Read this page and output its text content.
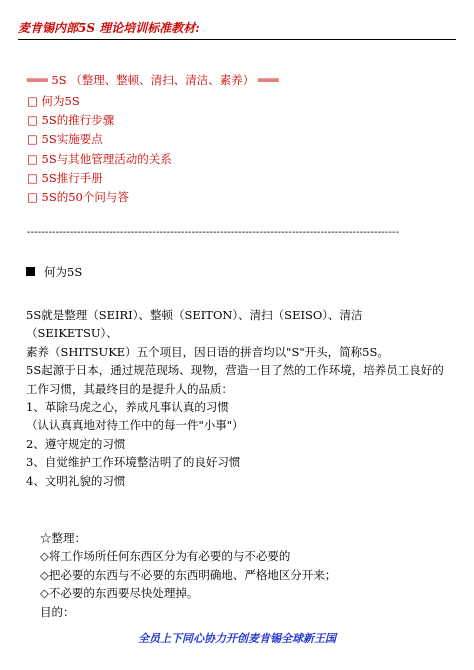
麦肯锡内部5S 理论培训标准教材:
═══ 5S （整理、整顿、清扫、清洁、素养） ═══
□ 何为5S
□ 5S的推行步骤
□ 5S实施要点
□ 5S与其他管理活动的关系
□ 5S推行手册
□ 5S的50个问与答
--------------------------------------------------------------------------------------------------------
何为5S

5S就是整理（SEIRI）、整顿（SEITON）、清扫（SEISO）、清洁（SEIKETSU）、

素养（SHITSUKE）五个项目，因日语的拼音均以"S"开头，简称5S。

5S起源于日本，通过规范现场、现物，营造一目了然的工作环境，培养员工良好的工作习惯，其最终目的是提升人的品质：

1、革除马虎之心，养成凡事认真的习惯

（认认真真地对待工作中的每一件"小事"）

2、遵守规定的习惯

3、自觉维护工作环境整洁明了的良好习惯

4、文明礼貌的习惯

☆整理：

◇将工作场所任何东西区分为有必要的与不必要的

◇把必要的东西与不必要的东西明确地、严格地区分开来；

◇不必要的东西要尽快处理掉。

目的：

全员上下同心协力开创麦肯锡全球新王国
